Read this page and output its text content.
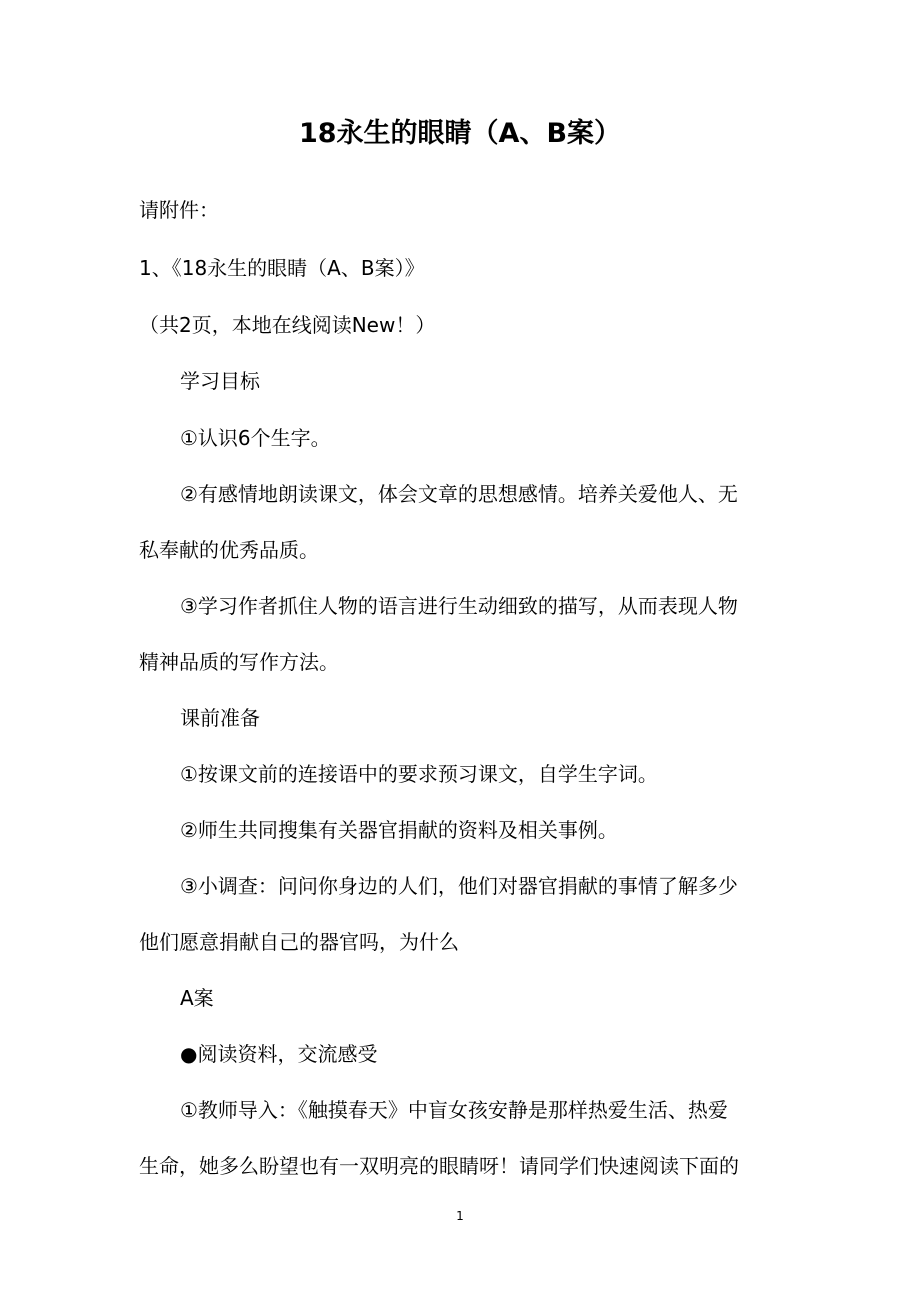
18永生的眼睛（A、B案）
请附件：
1、《18永生的眼睛（A、B案）》
（共2页，本地在线阅读New！）
学习目标
①认识6个生字。
②有感情地朗读课文，体会文章的思想感情。培养关爱他人、无
私奉献的优秀品质。
③学习作者抓住人物的语言进行生动细致的描写，从而表现人物
精神品质的写作方法。
课前准备
①按课文前的连接语中的要求预习课文，自学生字词。
②师生共同搜集有关器官捐献的资料及相关事例。
③小调查：问问你身边的人们，他们对器官捐献的事情了解多少
他们愿意捐献自己的器官吗，为什么
A案
●阅读资料，交流感受
①教师导入：《触摸春天》中盲女孩安静是那样热爱生活、热爱
生命，她多么盼望也有一双明亮的眼睛呀！请同学们快速阅读下面的
1
